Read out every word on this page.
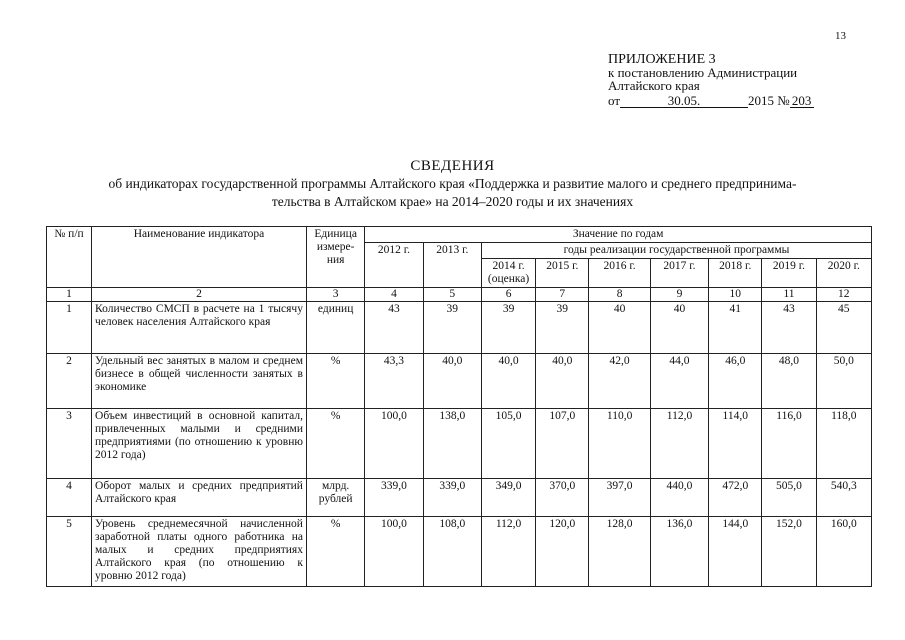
13
ПРИЛОЖЕНИЕ 3
к постановлению Администрации
Алтайского края
от	30.05.	2015 № 203
СВЕДЕНИЯ
об индикаторах государственной программы Алтайского края «Поддержка и развитие малого и среднего предпринима-
тельства в Алтайском крае» на 2014–2020 годы и их значениях
№ п/п	Наименование индикатора	Единица измере-ния	Значение по годам								
			2012 г.	2013 г.	годы реализации государственной программы						
					2014 г. (оценка)	2015 г.	2016 г.	2017 г.	2018 г.	2019 г.	2020 г.
1	2	3	4	5	6	7	8	9	10	11	12
1	Количество СМСП в расчете на 1 тысячу человек населения Алтайского края	единиц	43	39	39	39	40	40	41	43	45
2	Удельный вес занятых в малом и среднем бизнесе в общей численности занятых в экономике	%	43,3	40,0	40,0	40,0	42,0	44,0	46,0	48,0	50,0
3	Объем инвестиций в основной капитал, привлеченных малыми и средними предприятиями (по отношению к уровню 2012 года)	%	100,0	138,0	105,0	107,0	110,0	112,0	114,0	116,0	118,0
4	Оборот малых и средних предприятий Алтайского края	млрд. рублей	339,0	339,0	349,0	370,0	397,0	440,0	472,0	505,0	540,3
5	Уровень среднемесячной начисленной заработной платы одного работника на малых и средних предприятиях Алтайского края (по отношению к уровню 2012 года)	%	100,0	108,0	112,0	120,0	128,0	136,0	144,0	152,0	160,0
